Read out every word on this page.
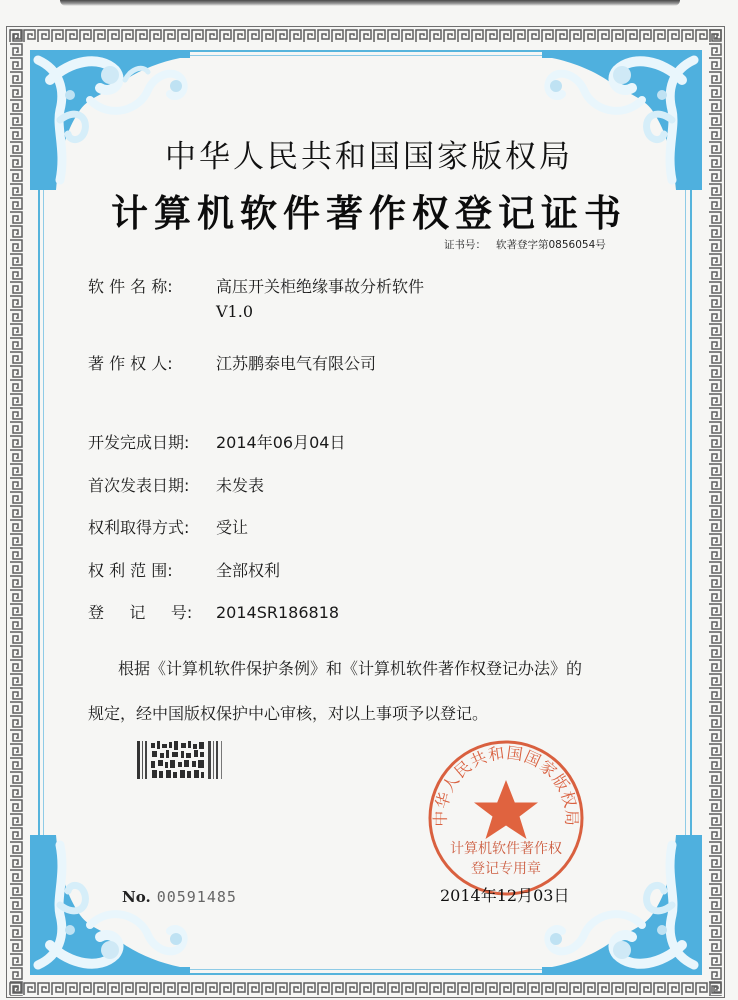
中华人民共和国国家版权局
计算机软件著作权登记证书
证书号： 软著登字第0856054号
软 件 名 称:	高压开关柜绝缘事故分析软件
V1.0
著 作 权 人:	江苏鹏泰电气有限公司
开发完成日期: 2014年06月04日
首次发表日期: 未发表
权利取得方式: 受让
权 利 范 围:	全部权利
登     记     号: 2014SR186818
根据《计算机软件保护条例》和《计算机软件著作权登记办法》的
规定，经中国版权保护中心审核，对以上事项予以登记。
No. 00591485
中华人民共和国国家版权局
计算机软件著作权
登记专用章
2014年12月03日
